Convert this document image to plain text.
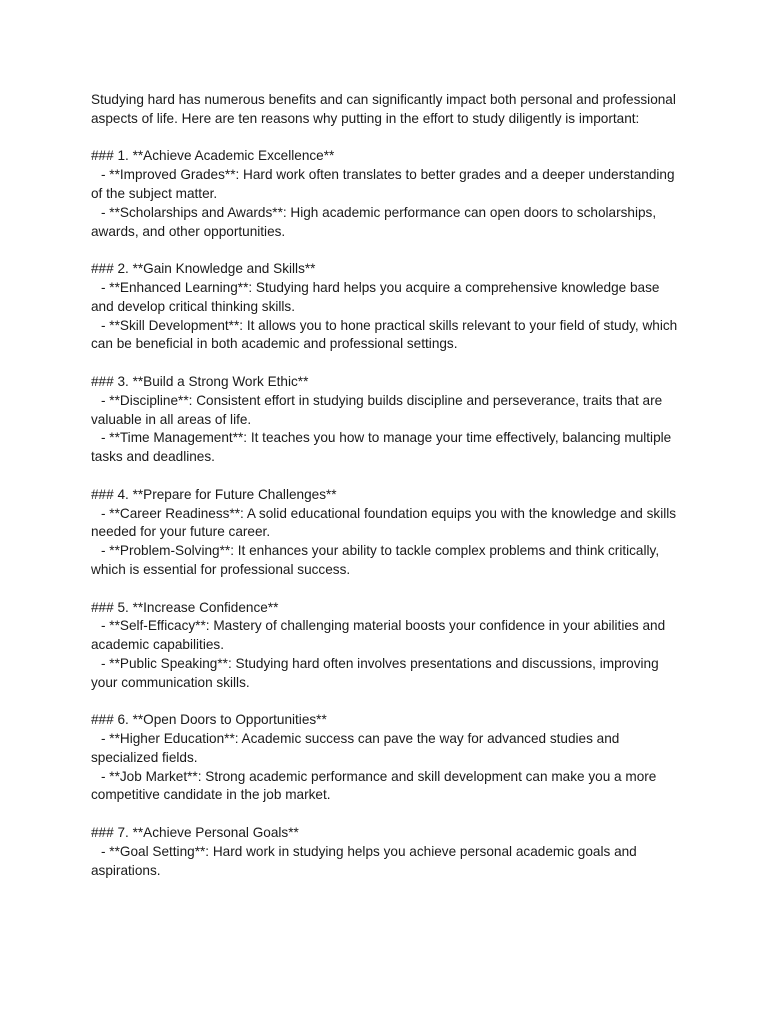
Studying hard has numerous benefits and can significantly impact both personal and professional aspects of life. Here are ten reasons why putting in the effort to study diligently is important:

### 1. **Achieve Academic Excellence**

- **Improved Grades**: Hard work often translates to better grades and a deeper understanding of the subject matter.

- **Scholarships and Awards**: High academic performance can open doors to scholarships, awards, and other opportunities.

### 2. **Gain Knowledge and Skills**

- **Enhanced Learning**: Studying hard helps you acquire a comprehensive knowledge base and develop critical thinking skills.

- **Skill Development**: It allows you to hone practical skills relevant to your field of study, which can be beneficial in both academic and professional settings.

### 3. **Build a Strong Work Ethic**

- **Discipline**: Consistent effort in studying builds discipline and perseverance, traits that are valuable in all areas of life.

- **Time Management**: It teaches you how to manage your time effectively, balancing multiple tasks and deadlines.

### 4. **Prepare for Future Challenges**

- **Career Readiness**: A solid educational foundation equips you with the knowledge and skills needed for your future career.

- **Problem-Solving**: It enhances your ability to tackle complex problems and think critically, which is essential for professional success.

### 5. **Increase Confidence**

- **Self-Efficacy**: Mastery of challenging material boosts your confidence in your abilities and academic capabilities.

- **Public Speaking**: Studying hard often involves presentations and discussions, improving your communication skills.

### 6. **Open Doors to Opportunities**

- **Higher Education**: Academic success can pave the way for advanced studies and specialized fields.

- **Job Market**: Strong academic performance and skill development can make you a more competitive candidate in the job market.

### 7. **Achieve Personal Goals**

- **Goal Setting**: Hard work in studying helps you achieve personal academic goals and aspirations.
